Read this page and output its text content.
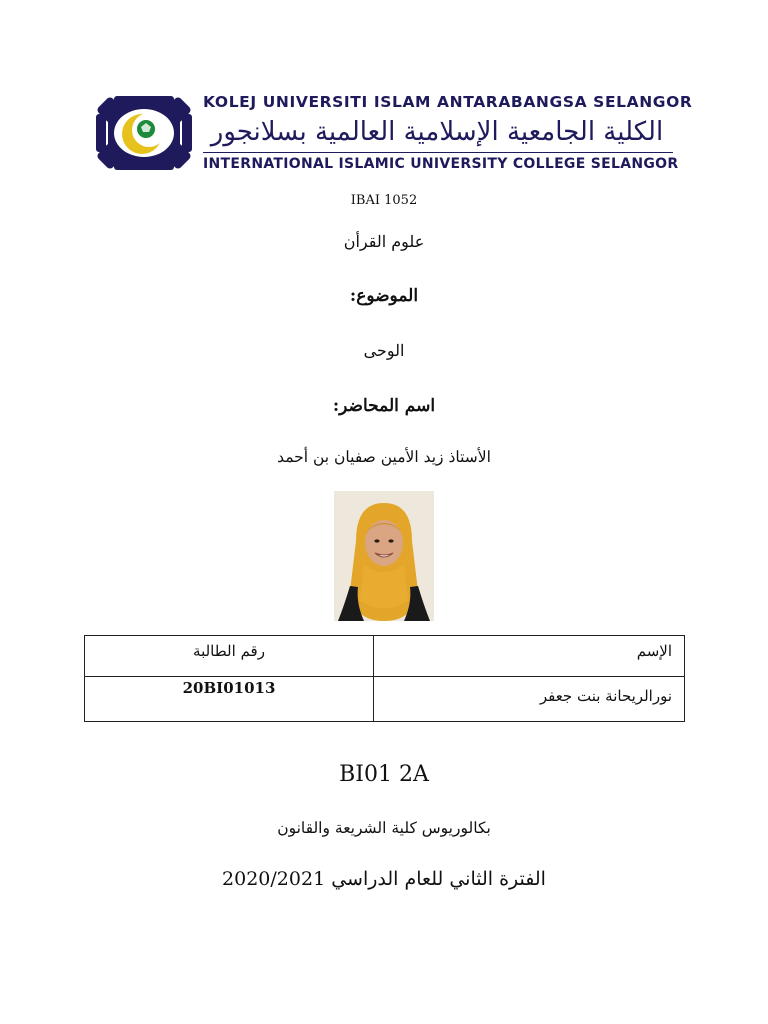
KOLEJ UNIVERSITI ISLAM ANTARABANGSA SELANGOR
الكلية الجامعية الإسلامية العالمية بسلانجور
INTERNATIONAL ISLAMIC UNIVERSITY COLLEGE SELANGOR
IBAI 1052
علوم القرأن
الموضوع:
الوحى
اسم المحاضر:
الأستاذ زيد الأمين صفيان بن أحمد
رقم الطالبة	الإسم
20BI01013	نورالريحانة بنت جعفر
BI01 2A
بكالوريوس كلية الشريعة والقانون
الفترة الثاني للعام الدراسي 2020/2021
